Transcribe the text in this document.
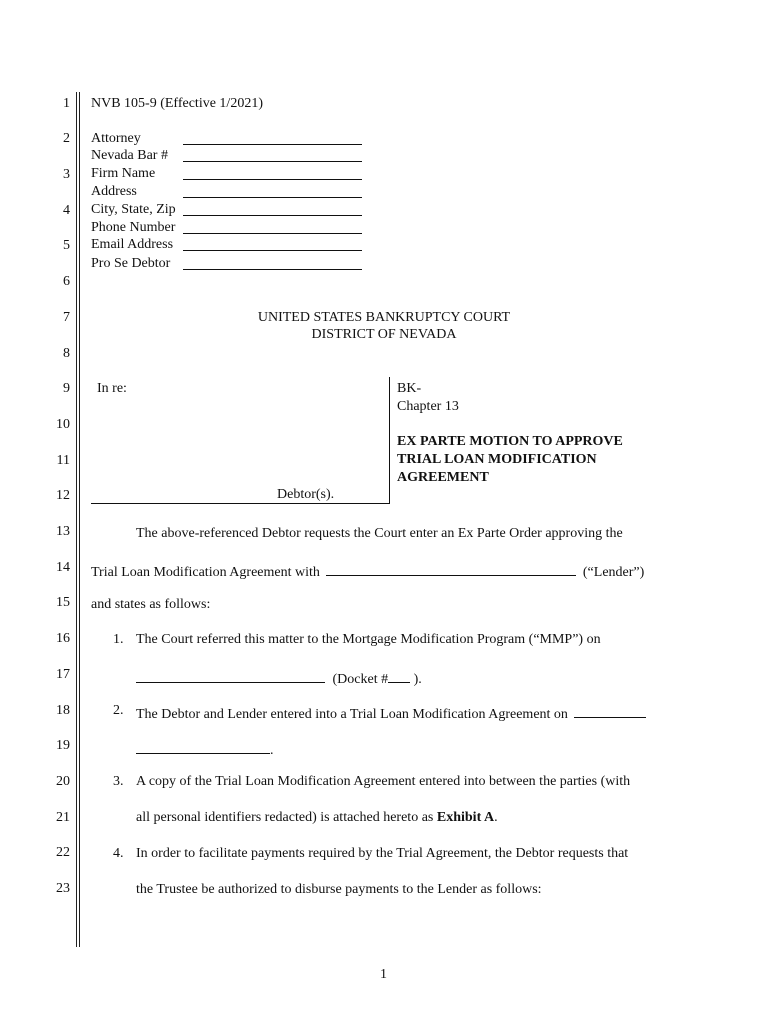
1
2
3
4
5
6
7
8
9
10
11
12
13
14
15
16
17
18
19
20
21
22
23
NVB 105-9 (Effective 1/2021)
Attorney
Nevada Bar #
Firm Name
Address
City, State, Zip
Phone Number
Email Address
Pro Se Debtor
UNITED STATES BANKRUPTCY COURT
DISTRICT OF NEVADA
In re:
Debtor(s).
BK-
Chapter 13
EX PARTE MOTION TO APPROVE
TRIAL LOAN MODIFICATION
AGREEMENT
The above-referenced Debtor requests the Court enter an Ex Parte Order approving the
Trial Loan Modification Agreement with	(“Lender”)
and states as follows:
1. The Court referred this matter to the Mortgage Modification Program (“MMP”) on
(Docket # ).
2. The Debtor and Lender entered into a Trial Loan Modification Agreement on
.
3. A copy of the Trial Loan Modification Agreement entered into between the parties (with
all personal identifiers redacted) is attached hereto as Exhibit A.
4. In order to facilitate payments required by the Trial Agreement, the Debtor requests that
the Trustee be authorized to disburse payments to the Lender as follows:
1
